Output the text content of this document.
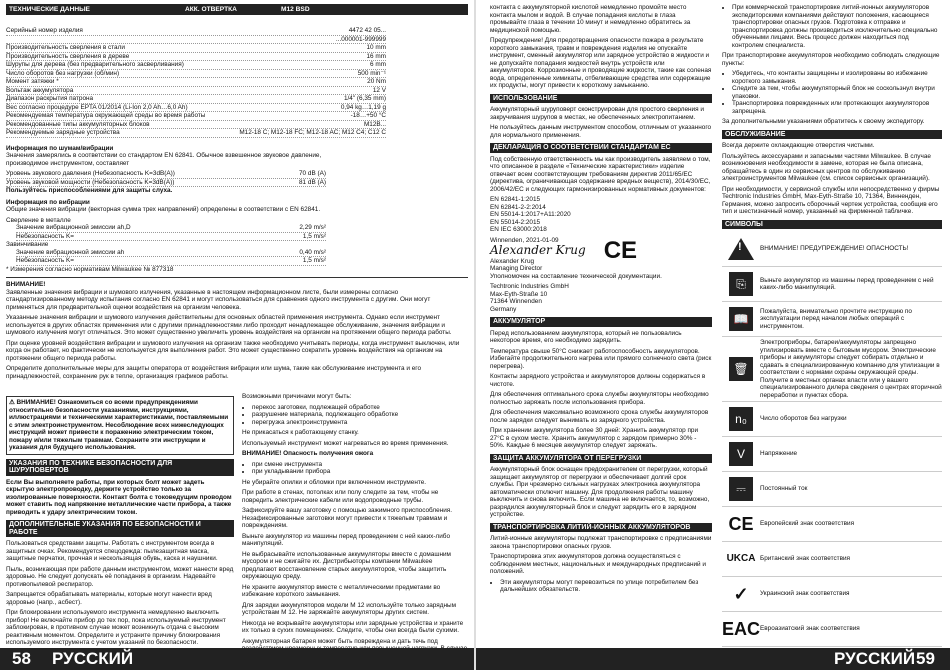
ТЕХНИЧЕСКИЕ ДАННЫЕ	АКК. ОТВЕРТКА	M12 BSD
Серийный номер изделия	4472 42 05...
...000001-999999
Производительность сверления в стали	10 mm
Производительность сверления в дереве	16 mm
Шурупы для дерева (без предварительного засверливания)	6 mm
Число оборотов без нагрузки (об/мин)	500 min⁻¹
Момент затяжки *	20 Nm
Вольтаж аккумулятора	12 V
Диапазон раскрытия патрона	1/4" (6,35 mm)
Вес согласно процедуре EPTA 01/2014 (Li-Ion 2,0 Ah…6,0 Ah)	0,94 kg…1,19 g
Рекомендуемая температура окружающей среды во время работы	-18…+50 °C
Рекомендованные типы аккумуляторных блоков	M12B...
Рекомендуемые зарядные устройства	M12-18 C; M12-18 FC; M12-18 AC; M12 C4; C12 C
Информация по шумам/вибрации

Значения замерялись в соответствии со стандартом EN 62841. Обычное взвешенное звуковое давление, производимое инструментом, составляет

Уровень звукового давления (Небезопасность K=3dB(A))	70 dB (A)
Уровень звуковой мощности (Небезопасность K=3dB(A))	81 dB (A)
Пользуйтесь приспособлениями для защиты слуха.
Информация по вибрации

Общие значения вибрации (векторная сумма трех направлений) определены в соответствии с EN 62841.

Сверление в металле
Значение вибрационной эмиссии ah,D	2,29 m/s²
Небезопасность K=	1,5 m/s²
Завинчивание
Значение вибрационной эмиссии ah	0,40 m/s²
Небезопасность K=	1,5 m/s²
* Измерения согласно нормативам Milwaukee № 877318
ВНИМАНИЕ!

Заявленные значения вибрации и шумового излучения, указанные в настоящем информационном листе, были измерены согласно стандартизированному методу испытания согласно EN 62841 и могут использоваться для сравнения одного инструмента с другим. Они могут применяться для предварительной оценки воздействия на организм человека.

Указанные значения вибрации и шумового излучения действительны для основных областей применения инструмента. Однако если инструмент используется в других областях применения или с другими принадлежностями либо проходит ненадлежащее обслуживание, значения вибрации и шумового излучения могут отличаться. Это может существенно увеличить уровень воздействия на организм на протяжении общего периода работы.

При оценке уровней воздействия вибрации и шумового излучения на организм также необходимо учитывать периоды, когда инструмент выключен, или когда он работает, но фактически не используется для выполнения работ. Это может существенно сократить уровень воздействия на организм на протяжении общего периода работы.

Определите дополнительные меры для защиты оператора от воздействия вибрации или шума, такие как обслуживание инструмента и его принадлежностей, сохранение рук в тепле, организация графиков работы.

⚠ ВНИМАНИЕ! Ознакомиться со всеми предупреждениями относительно безопасности указаниями, инструкциями, иллюстрациями и техническими характеристиками, поставляемыми с этим электроинструментом. Несоблюдение всех нижеследующих инструкций может привести к поражению электрическим током, пожару и/или тяжелым травмам. Сохраните эти инструкции и указания для будущего использования.
УКАЗАНИЯ ПО ТЕХНИКЕ БЕЗОПАСНОСТИ ДЛЯ ШУРУПОВЕРТОВ

Если Вы выполняете работы, при которых болт может задеть скрытую электропроводку, держите устройство только за изолированные поверхности. Контакт болта с токоведущим проводом может ставить под напряжение металлические части прибора, а также приводить к удару электрическим током.

ДОПОЛНИТЕЛЬНЫЕ УКАЗАНИЯ ПО БЕЗОПАСНОСТИ И РАБОТЕ

Пользоваться средствами защиты. Работать с инструментом всегда в защитных очках. Рекомендуется спецодежда: пылезащитная маска, защитные перчатки, прочная и нескользящая обувь, каска и наушники.

Пыль, возникающая при работе данным инструментом, может нанести вред здоровью. Не следует допускать её попадания в организм. Надевайте противопылевой респиратор.

Запрещается обрабатывать материалы, которые могут нанести вред здоровью (напр., асбест).

При блокировании используемого инструмента немедленно выключить прибор! Не включайте прибор до тех пор, пока используемый инструмент заблокирован, в противном случае может возникнуть отдача с высоким реактивным моментом. Определите и устраните причину блокирования используемого инструмента с учетом указаний по безопасности.

Возможными причинами могут быть:

• перекос заготовки, подлежащей обработке
• разрушение материала, подлежащего обработке
• перегрузка электроинструмента

Не прикасаться к работающему станку.

Используемый инструмент может нагреваться во время применения.

ВНИМАНИЕ! Опасность получения ожога

• при смене инструмента
• при укладывании прибора

Не убирайте опилки и обломки при включенном инструменте.

При работе в стенах, потолках или полу следите за тем, чтобы не повредить электрические кабели или водопроводные трубы.

Зафиксируйте вашу заготовку с помощью зажимного приспособления. Незафиксированные заготовки могут привести к тяжелым травмам и повреждениям.

Выньте аккумулятор из машины перед проведением с ней каких-либо манипуляций.

Не выбрасывайте использованные аккумуляторы вместе с домашним мусором и не сжигайте их. Дистрибьюторы компании Milwaukee предлагают восстановление старых аккумуляторов, чтобы защитить окружающую среду.

Не храните аккумулятор вместе с металлическими предметами во избежание короткого замыкания.

Для зарядки аккумуляторов модели M 12 используйте только зарядным устройствам M 12. Не заряжайте аккумуляторы других систем.

Никогда не вскрывайте аккумуляторы или зарядные устройства и храните их только в сухих помещениях. Следите, чтобы они всегда были сухими.

Аккумуляторная батарея может быть повреждена и дать течь под

58 РУССКИЙ

контакта с аккумуляторной кислотой немедленно промойте место контакта мылом и водой. В случае попадания кислоты в глаза промывайте глаза в течении 10 минут и немедленно обратитесь за медицинской помощью.

Предупреждение! Для предотвращения опасности пожара в результате короткого замыкания, травм и повреждения изделия не опускайте инструмент, сменный аккумулятор или зарядное устройство в жидкости и не допускайте попадания жидкостей внутрь устройств или аккумуляторов. Коррозионные и проводящие жидкости, такие как соленая вода, определенные химикаты, отбеливающие средства или содержащие их продукты, могут привести к короткому замыканию.

ИСПОЛЬЗОВАНИЕ

Аккумуляторный шуруповерт сконструирован для простого сверления и закручивания шурупов в местах, не обеспеченных электропитанием.

Не пользуйтесь данным инструментом способом, отличным от указанного для нормального применения.

ДЕКЛАРАЦИЯ О СООТВЕТСТВИИ СТАНДАРТАМ ЕС

Под собственную ответственность мы как производитель заявляем о том, что описанное в разделе «Технические характеристики» изделие отвечает всем соответствующим требованиям директив 2011/65/ЕС (директива, ограничивающая содержание вредных веществ), 2014/30/ЕС, 2006/42/ЕС и следующих гармонизированных нормативных документов:

EN 62841-1:2015
EN 62841-2-2:2014
EN 55014-1:2017+A11:2020
EN 55014-2:2015
EN IEC 63000:2018
Winnenden, 2021-01-09
Alexander Krug CE
Alexander Krug
Managing Director
Уполномочен на составление технической документации.
Techtronic Industries GmbH
Max-Eyth-Straße 10
71364 Winnenden
Germany
АККУМУЛЯТОР

Перед использованием аккумулятора, который не пользовались некоторое время, его необходимо зарядить.

Температура свыше 50°С снижает работоспособность аккумуляторов. Избегайте продолжительного нагрева или прямого солнечного света (риск перегрева).

Контакты зарядного устройства и аккумуляторов должны содержаться в чистоте.

Для обеспечения оптимального срока службы аккумуляторы необходимо полностью заряжать после использования прибора.

Для обеспечения максимально возможного срока службы аккумуляторов после зарядки следует вынимать из зарядного устройства.

При хранении аккумулятора более 30 дней: Хранить аккумулятор при 27°С в сухом месте. Хранить аккумулятор с зарядом примерно 30% - 50%. Каждые 6 месяцев аккумулятор следует заряжать.

ЗАЩИТА АККУМУЛЯТОРА ОТ ПЕРЕГРУЗКИ

Аккумуляторный блок оснащен предохранителем от перегрузки, который защищает аккумулятор от перегрузки и обеспечивает долгий срок службы. При чрезмерно сильных нагрузках электроника аккумулятора автоматически отключит машину. Для продолжения работы машину выключить и снова включить. Если машина не включается, то, возможно, разрядился аккумуляторный блок и следует зарядить его в зарядном устройстве.

ТРАНСПОРТИРОВКА ЛИТИЙ-ИОННЫХ АККУМУЛЯТОРОВ

Литий-ионные аккумуляторы подлежат транспортировке с предписаниями закона транспортировки опасных грузов.

Транспортировка этих аккумуляторов должна осуществляться с соблюдением местных, национальных и международных предписаний и положений.

• Эти аккумуляторы могут перевозиться по улице потребителем без дальнейших обязательств.
• При коммерческой транспортировке литий-ионных аккумуляторов экспедиторскими компаниями действуют положения, касающиеся транспортировки опасных грузов. Подготовка к отправке и транспортировка должны производиться исключительно специально обученными лицами. Весь процесс должен находиться под контролем специалиста.

При транспортировке аккумуляторов необходимо соблюдать следующие пункты:

• Убедитесь, что контакты защищены и изолированы во избежание короткого замыкания.
• Следите за тем, чтобы аккумуляторный блок не соскользнул внутри упаковки.
• Транспортировка поврежденных или протекающих аккумуляторов запрещена.

За дополнительными указаниями обратитесь к своему экспедитору.

ОБСЛУЖИВАНИЕ

Всегда держите охлаждающие отверстия чистыми.

Пользуйтесь аксессуарами и запасными частями Milwaukee. В случае возникновения необходимости в замене, которая не была описана, обращайтесь в один из сервисных центров по обслуживанию электроинструментов Milwaukee (см. список сервисных организаций).

При необходимости, у сервисной службы или непосредственно у фирмы Techtronic Industries GmbH, Max-Eyth-Straße 10, 71364, Винненден, Германия, можно запросить сборочный чертеж устройства, сообщив его тип и шестизначный номер, указанный на фирменной табличке.

СИМВОЛЫ
!	ВНИМАНИЕ! ПРЕДУПРЕЖДЕНИЕ! ОПАСНОСТЬ!

⎘	Выньте аккумулятор из машины перед проведением с ней каких-либо манипуляций.

📖	Пожалуйста, внимательно прочтите инструкцию по эксплуатации перед началом любых операций с инструментом.

🗑	Электроприборы, батареи/аккумуляторы запрещено утилизировать вместе с бытовым мусором. Электрические приборы и аккумуляторы следует собирать отдельно и сдавать в специализированную компанию для утилизации в соответствии с нормами охраны окружающей среды. Получите в местных органах власти или у вашего специализированного дилера сведения о центрах вторичной переработки и пунктах сбора.

n₀	Число оборотов без нагрузки

V	Напряжение

⎓	Постоянный ток

CE	Европейский знак соответствия

UKCA	Британский знак соответствия

✓	Украинский знак соответствия

EAC	Евроазиатский знак соответствия
РУССКИЙ 59
